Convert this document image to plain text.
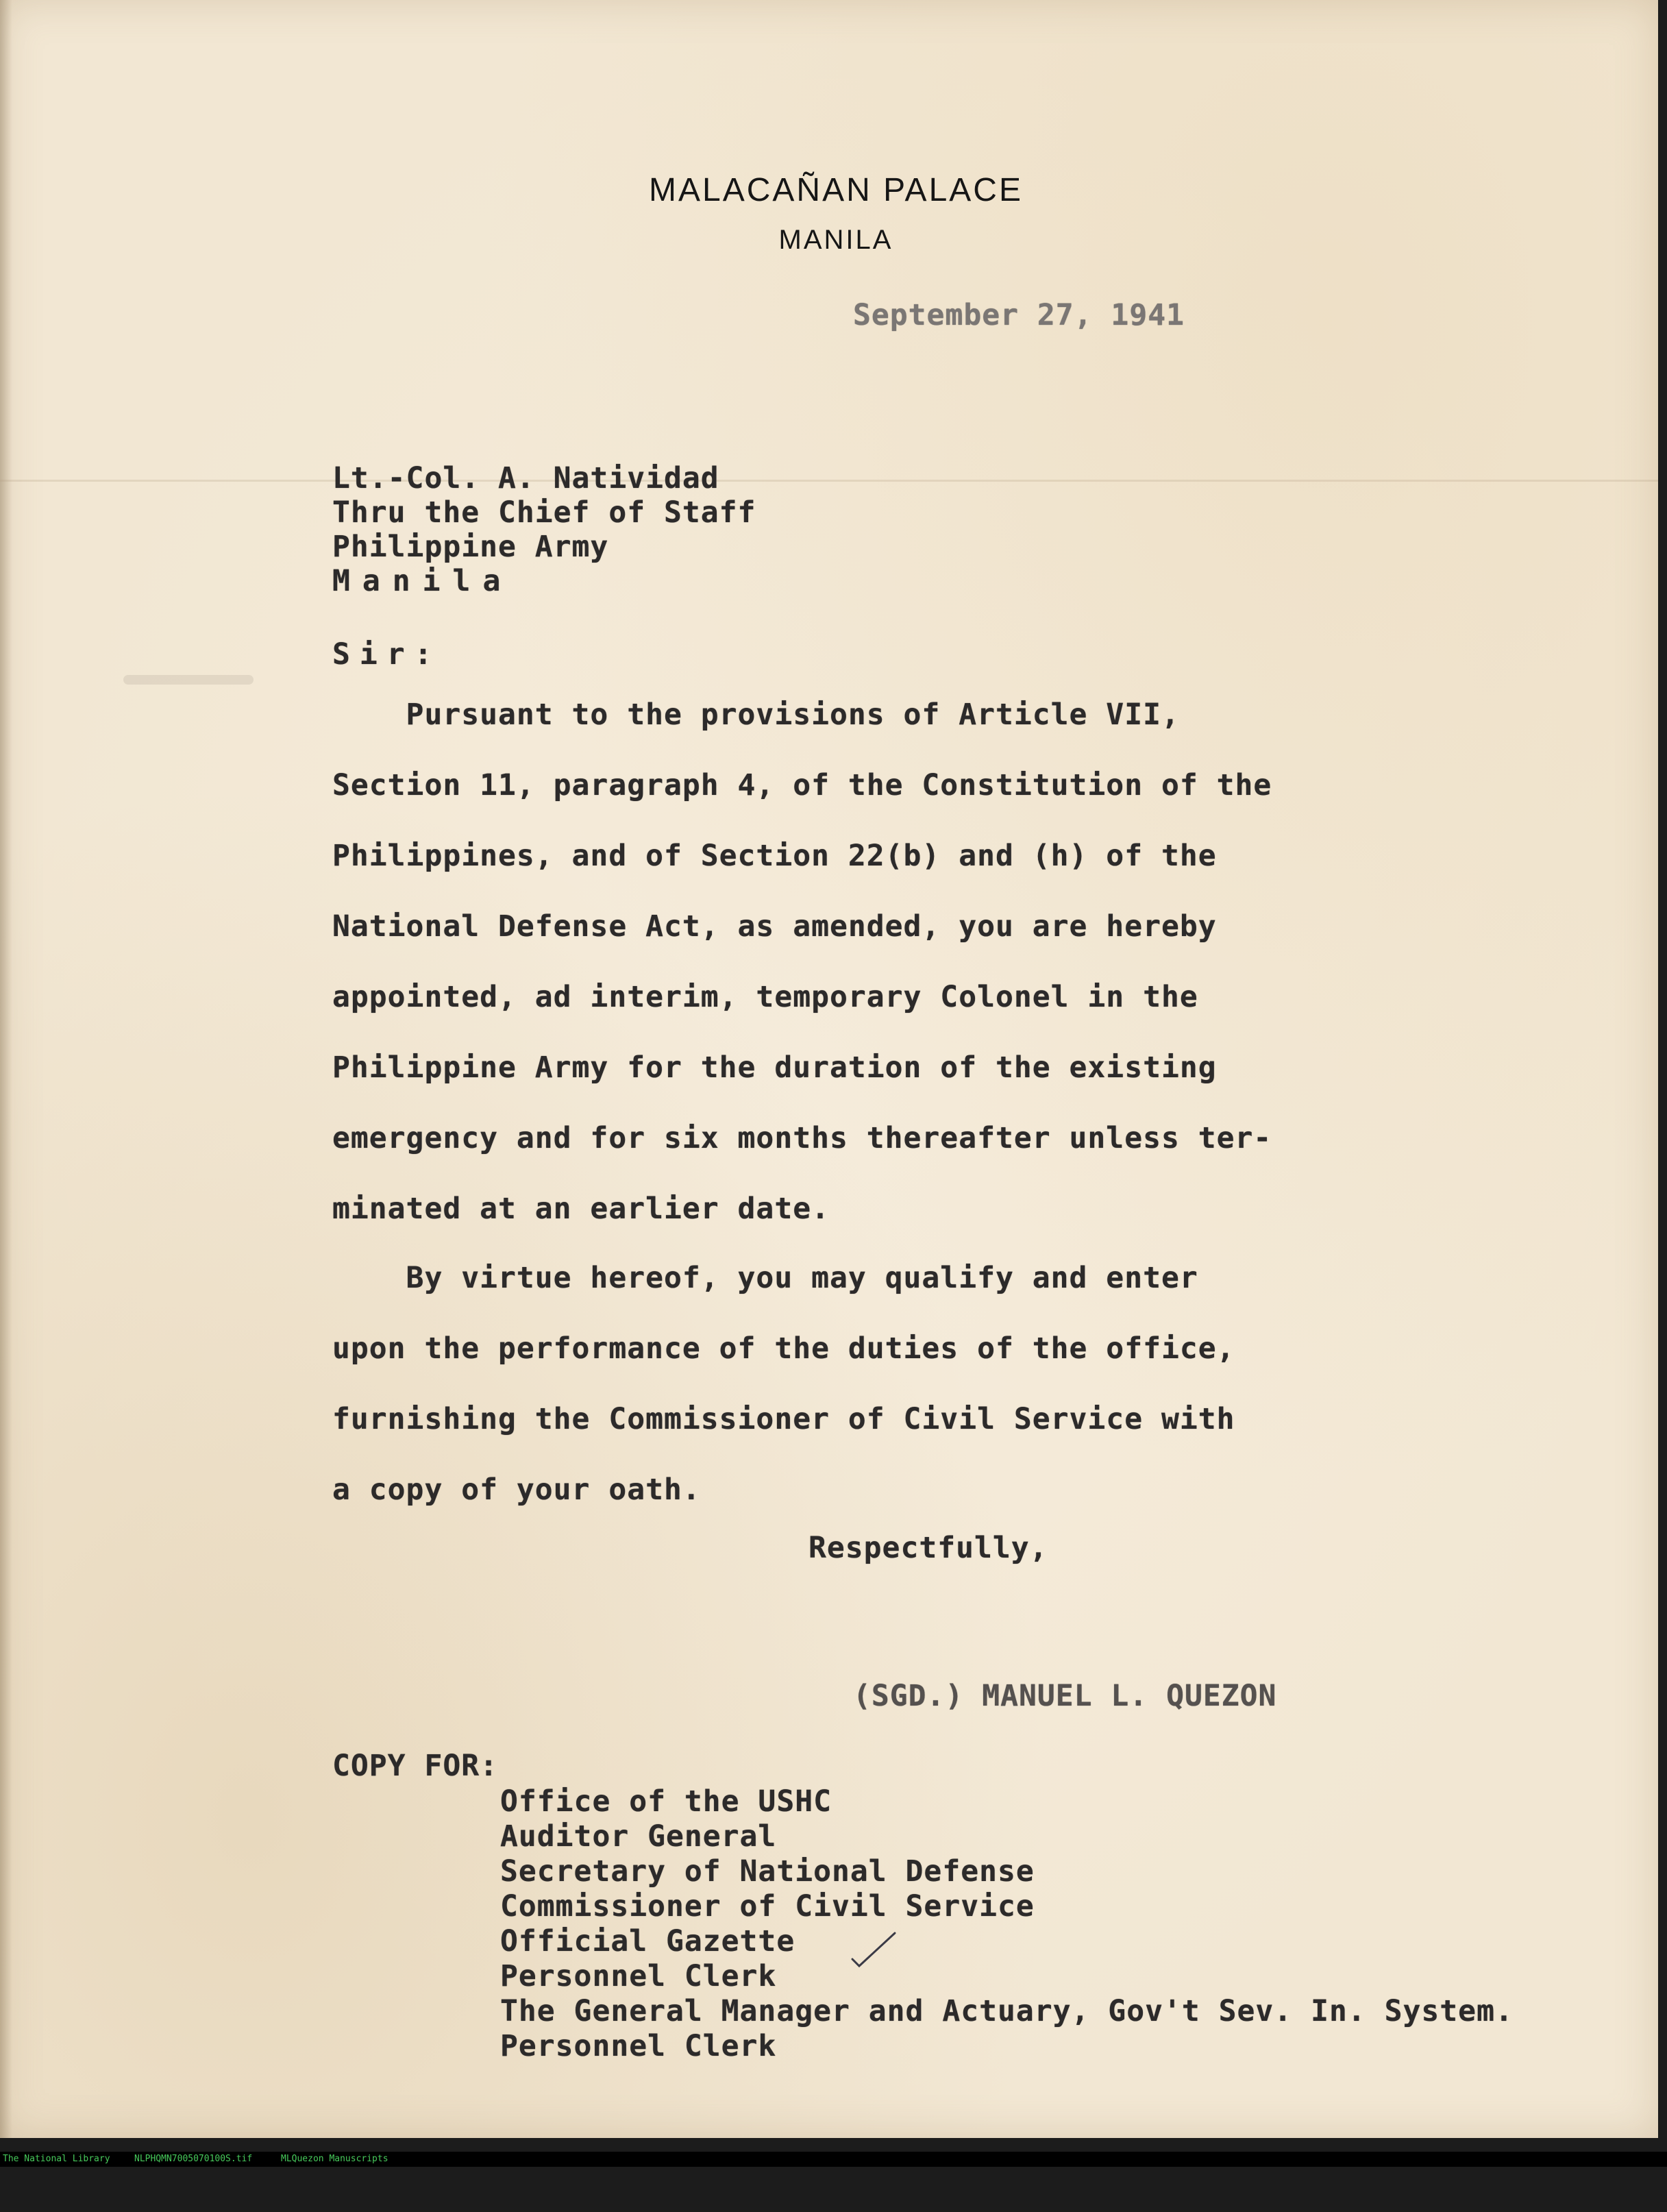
MALACAÑAN PALACE
MANILA
September 27, 1941
Lt.-Col. A. Natividad
Thru the Chief of Staff
Philippine Army
Manila
Sir:

Pursuant to the provisions of Article VII,

Section 11, paragraph 4, of the Constitution of the

Philippines, and of Section 22(b) and (h) of the

National Defense Act, as amended, you are hereby

appointed, ad interim, temporary Colonel in the

Philippine Army for the duration of the existing

emergency and for six months thereafter unless ter-

minated at an earlier date.

By virtue hereof, you may qualify and enter

upon the performance of the duties of the office,

furnishing the Commissioner of Civil Service with

a copy of your oath.

Respectfully,
(SGD.) MANUEL L. QUEZON
COPY FOR:

Office of the USHC

Auditor General

Secretary of National Defense

Commissioner of Civil Service

Official Gazette

Personnel Clerk

The General Manager and Actuary, Gov't Sev. In. System.

Personnel Clerk

The National Library

	NLPHQMN7005070100S.tif

	MLQuezon Manuscripts
